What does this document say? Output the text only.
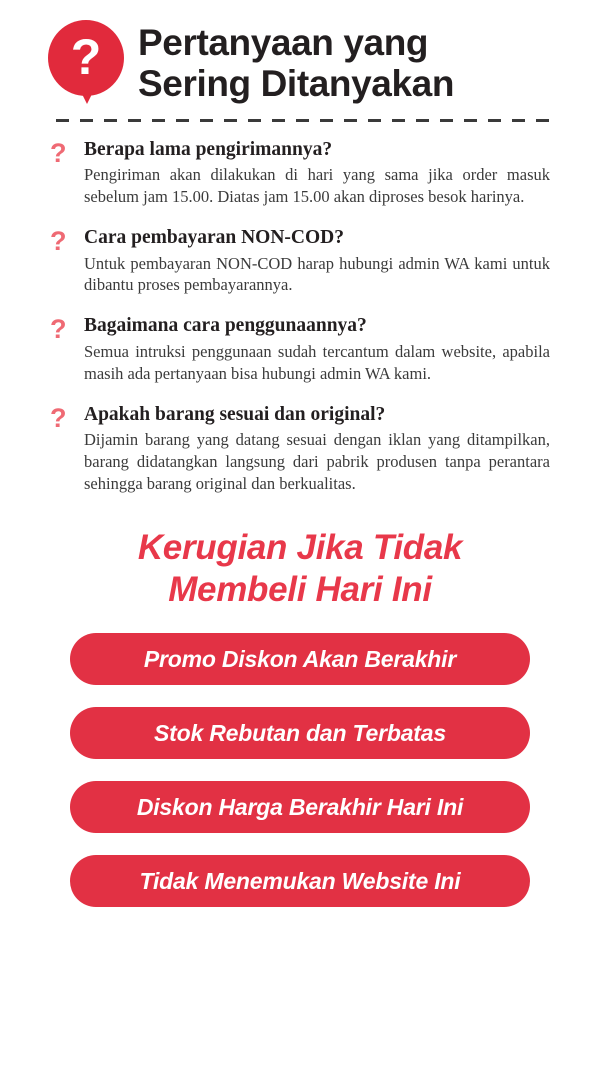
? Pertanyaan yang
Sering Ditanyakan
? Berapa lama pengirimannya?
Pengiriman akan dilakukan di hari yang sama jika order masuk sebelum jam 15.00. Diatas jam 15.00 akan diproses besok harinya.
? Cara pembayaran NON-COD?
Untuk pembayaran NON-COD harap hubungi admin WA kami untuk dibantu proses pembayarannya.
? Bagaimana cara penggunaannya?
Semua intruksi penggunaan sudah tercantum dalam website, apabila masih ada pertanyaan bisa hubungi admin WA kami.
? Apakah barang sesuai dan original?
Dijamin barang yang datang sesuai dengan iklan yang ditampilkan, barang didatangkan langsung dari pabrik produsen tanpa perantara sehingga barang original dan berkualitas.
Kerugian Jika Tidak
Membeli Hari Ini
Promo Diskon Akan Berakhir
Stok Rebutan dan Terbatas
Diskon Harga Berakhir Hari Ini
Tidak Menemukan Website Ini
